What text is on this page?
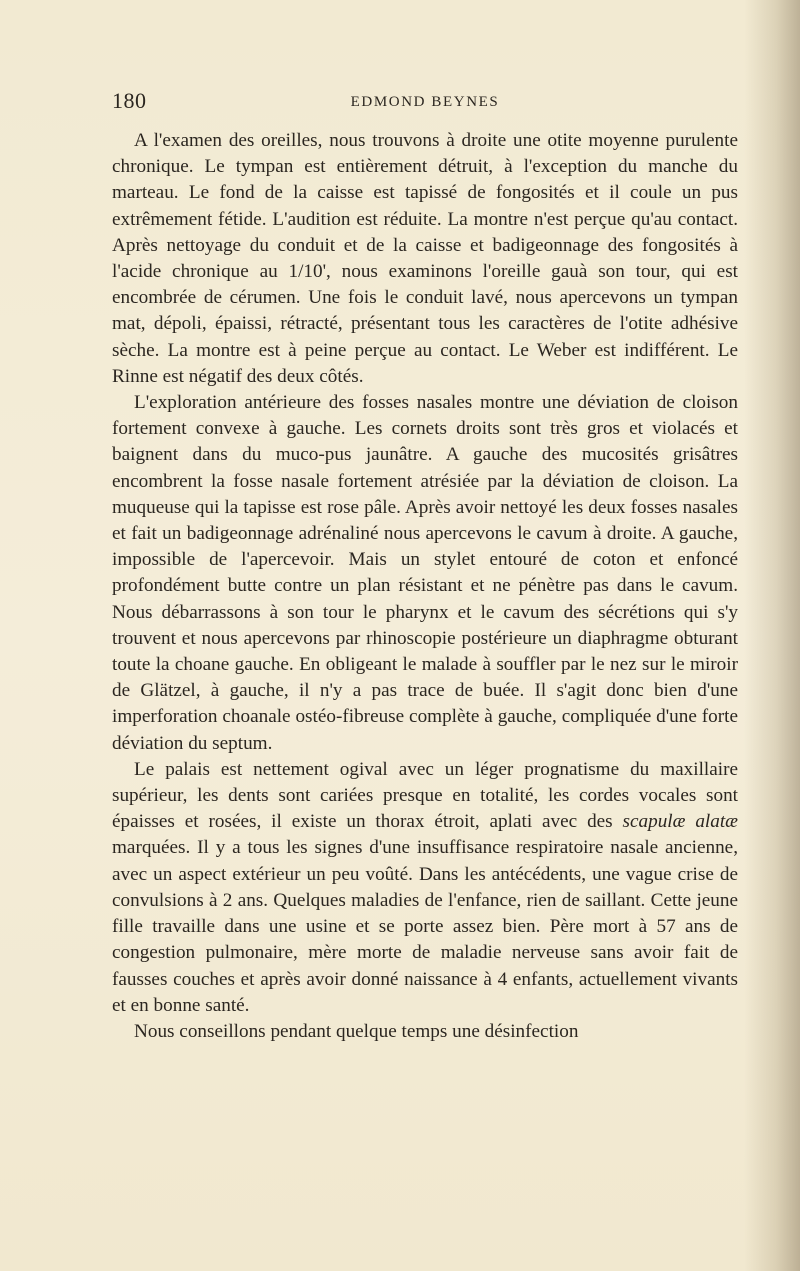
180	EDMOND BEYNES

A l'examen des oreilles, nous trouvons à droite une otite moyenne purulente chronique. Le tympan est entièrement détruit, à l'exception du manche du marteau. Le fond de la caisse est tapissé de fongosités et il coule un pus extrêmement fétide. L'audition est réduite. La montre n'est perçue qu'au contact. Après nettoyage du conduit et de la caisse et badigeonnage des fongosités à l'acide chronique au 1/10', nous examinons l'oreille gauà son tour, qui est encombrée de cérumen. Une fois le conduit lavé, nous apercevons un tympan mat, dépoli, épaissi, rétracté, présentant tous les caractères de l'otite adhésive sèche. La montre est à peine perçue au contact. Le Weber est indifférent. Le Rinne est négatif des deux côtés.

L'exploration antérieure des fosses nasales montre une déviation de cloison fortement convexe à gauche. Les cornets droits sont très gros et violacés et baignent dans du muco-pus jaunâtre. A gauche des mucosités grisâtres encombrent la fosse nasale fortement atrésiée par la déviation de cloison. La muqueuse qui la tapisse est rose pâle. Après avoir nettoyé les deux fosses nasales et fait un badigeonnage adrénaliné nous apercevons le cavum à droite. A gauche, impossible de l'apercevoir. Mais un stylet entouré de coton et enfoncé profondément butte contre un plan résistant et ne pénètre pas dans le cavum. Nous débarrassons à son tour le pharynx et le cavum des sécrétions qui s'y trouvent et nous apercevons par rhinoscopie postérieure un diaphragme obturant toute la choane gauche. En obligeant le malade à souffler par le nez sur le miroir de Glätzel, à gauche, il n'y a pas trace de buée. Il s'agit donc bien d'une imperforation choanale ostéo-fibreuse complète à gauche, compliquée d'une forte déviation du septum.

Le palais est nettement ogival avec un léger prognatisme du maxillaire supérieur, les dents sont cariées presque en totalité, les cordes vocales sont épaisses et rosées, il existe un thorax étroit, aplati avec des scapulæ alatæ marquées. Il y a tous les signes d'une insuffisance respiratoire nasale ancienne, avec un aspect extérieur un peu voûté. Dans les antécédents, une vague crise de convulsions à 2 ans. Quelques maladies de l'enfance, rien de saillant. Cette jeune fille travaille dans une usine et se porte assez bien. Père mort à 57 ans de congestion pulmonaire, mère morte de maladie nerveuse sans avoir fait de fausses couches et après avoir donné naissance à 4 enfants, actuellement vivants et en bonne santé.

Nous conseillons pendant quelque temps une désinfection
